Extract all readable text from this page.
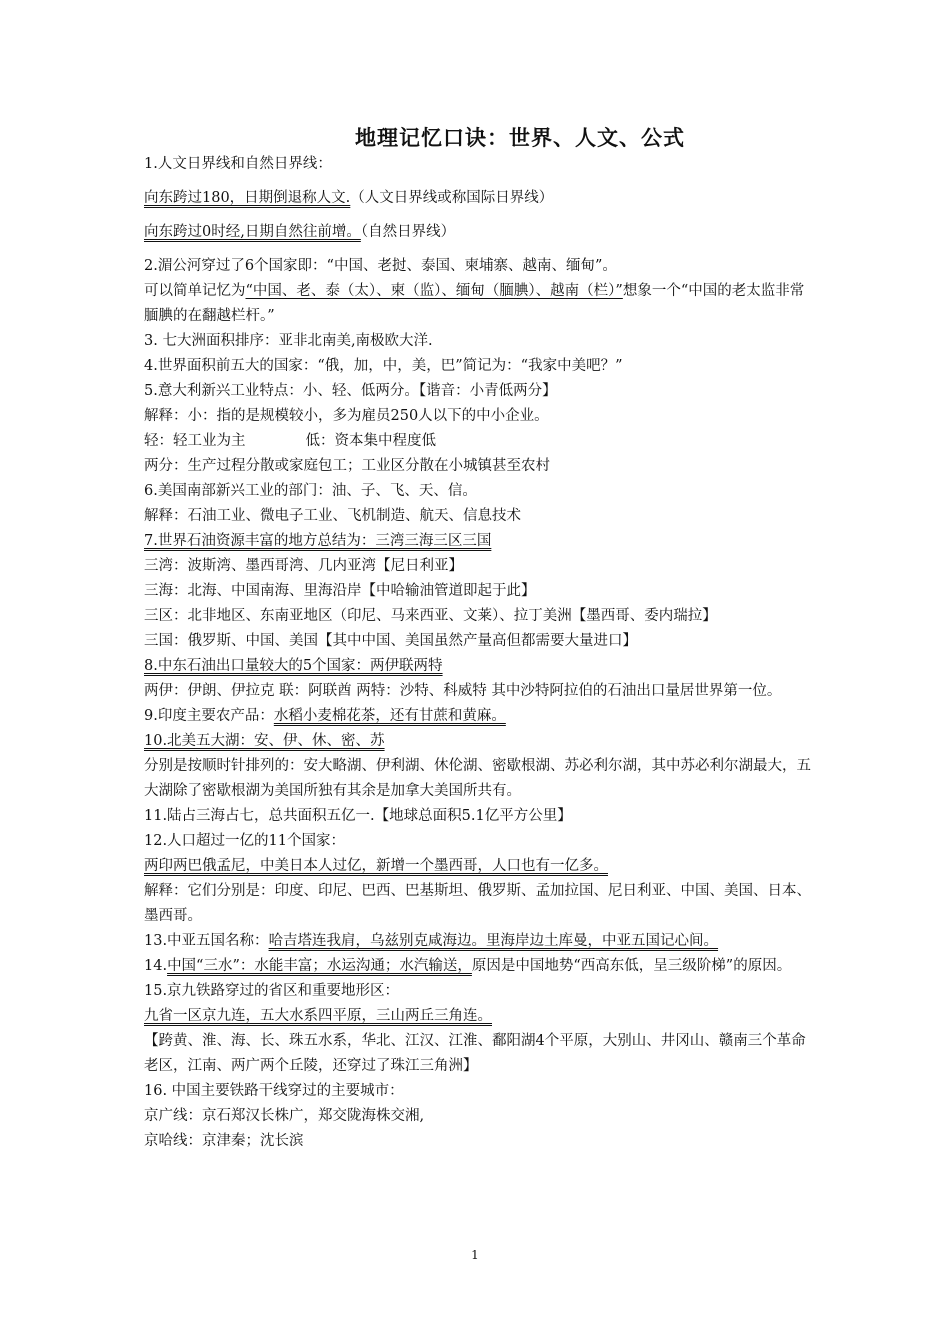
地理记忆口诀：世界、人文、公式

1.人文日界线和自然日界线：

向东跨过180，日期倒退称人文.（人文日界线或称国际日界线）

向东跨过0时经,日期自然往前增。（自然日界线）

2.湄公河穿过了6个国家即：“中国、老挝、泰国、柬埔寨、越南、缅甸”。

可以简单记忆为“中国、老、泰（太）、柬（监）、缅甸（腼腆）、越南（栏）”想象一个“中国的老太监非常腼腆的在翻越栏杆。”

3. 七大洲面积排序：亚非北南美,南极欧大洋.

4.世界面积前五大的国家：“俄，加，中，美，巴”简记为：“我家中美吧？”

5.意大利新兴工业特点：小、轻、低两分。【谐音：小青低两分】

解释：小：指的是规模较小，多为雇员250人以下的中小企业。

轻：轻工业为主	低：资本集中程度低

两分：生产过程分散或家庭包工；工业区分散在小城镇甚至农村

6.美国南部新兴工业的部门：油、子、飞、天、信。

解释：石油工业、微电子工业、飞机制造、航天、信息技术

7.世界石油资源丰富的地方总结为：三湾三海三区三国

三湾：波斯湾、墨西哥湾、几内亚湾【尼日利亚】

三海：北海、中国南海、里海沿岸【中哈输油管道即起于此】

三区：北非地区、东南亚地区（印尼、马来西亚、文莱）、拉丁美洲【墨西哥、委内瑞拉】

三国：俄罗斯、中国、美国【其中中国、美国虽然产量高但都需要大量进口】

8.中东石油出口量较大的5个国家：两伊联两特

两伊：伊朗、伊拉克 联：阿联酋 两特：沙特、科威特 其中沙特阿拉伯的石油出口量居世界第一位。

9.印度主要农产品：水稻小麦棉花茶，还有甘蔗和黄麻。

10.北美五大湖：安、伊、休、密、苏

分别是按顺时针排列的：安大略湖、伊利湖、休伦湖、密歇根湖、苏必利尔湖，其中苏必利尔湖最大，五大湖除了密歇根湖为美国所独有其余是加拿大美国所共有。

11.陆占三海占七，总共面积五亿一.【地球总面积5.1亿平方公里】

12.人口超过一亿的11个国家：

两印两巴俄孟尼，中美日本人过亿，新增一个墨西哥，人口也有一亿多。

解释：它们分别是：印度、印尼、巴西、巴基斯坦、俄罗斯、孟加拉国、尼日利亚、中国、美国、日本、墨西哥。

13.中亚五国名称：哈吉塔连我肩，乌兹别克咸海边。里海岸边土库曼，中亚五国记心间。

14.中国“三水”：水能丰富；水运沟通；水汽输送，原因是中国地势“西高东低，呈三级阶梯”的原因。

15.京九铁路穿过的省区和重要地形区：

九省一区京九连，五大水系四平原，三山两丘三角连。

【跨黄、淮、海、长、珠五水系，华北、江汉、江淮、鄱阳湖4个平原，大别山、井冈山、赣南三个革命老区，江南、两广两个丘陵，还穿过了珠江三角洲】

16. 中国主要铁路干线穿过的主要城市：

京广线：京石郑汉长株广，郑交陇海株交湘,

京哈线：京津秦；沈长滨

1
